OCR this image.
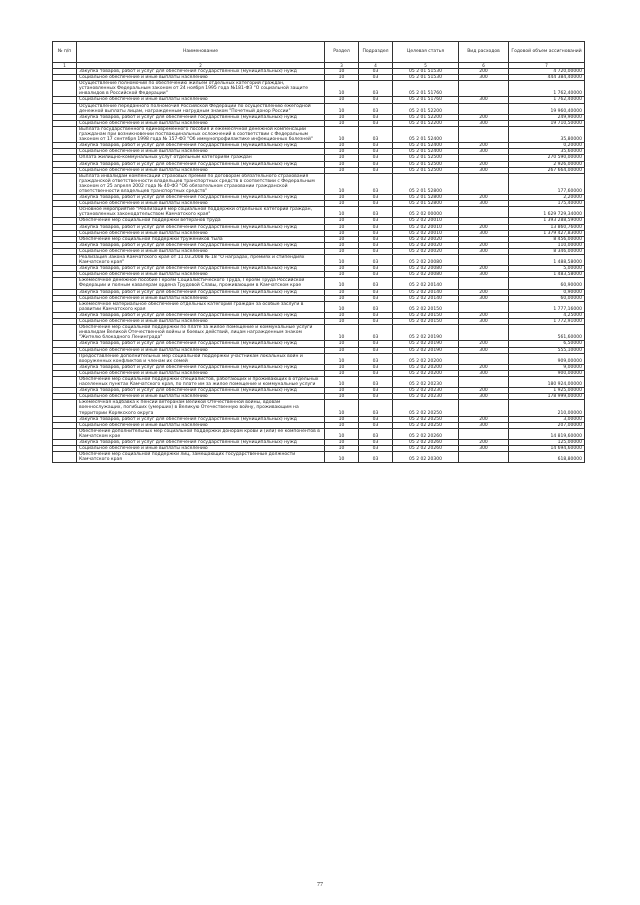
№ п/п	Наименование	Раздел	Подраздел	Целевая статья	Вид расходов	Годовой объем ассигнований
1	2	3	4	5	6	7
	Закупка товаров, работ и услуг для обеспечения государственных (муниципальных) нужд	10	03	05 2 01 51530	200	4 720,00000
	Социальное обеспечение и иные выплаты населению	10	03	05 2 01 51530	300	444 384,40000
	Осуществление полномочий по обеспечению жильем отдельных категорий граждан, установленных Федеральным законом от 24 ноября 1995 года №181-ФЗ "О социальной защите инвалидов в Российской Федерации"	10	03	05 2 01 51760		1 762,40000
	Социальное обеспечение и иные выплаты населению	10	03	05 2 01 51760	300	1 762,40000
	Осуществление переданного полномочия Российской Федерации по осуществлению ежегодной денежной выплаты лицам, награжденным нагрудным знаком "Почетный донор России"	10	03	05 2 01 52200		19 960,40000
	Закупка товаров, работ и услуг для обеспечения государственных (муниципальных) нужд	10	03	05 2 01 52200	200	249,90000
	Социальное обеспечение и иные выплаты населению	10	03	05 2 01 52200	300	19 710,50000
	Выплата государственного единовременного пособия и ежемесячной денежной компенсации гражданам при возникновении поствакцинальных осложнений в соответствии с Федеральным законом от 17 сентября 1998 года № 157-ФЗ "Об иммунопрофилактике инфекционных болезней"	10	03	05 2 01 52400		35,80000
	Закупка товаров, работ и услуг для обеспечения государственных (муниципальных) нужд	10	03	05 2 01 52400	200	0,20000
	Социальное обеспечение и иные выплаты населению	10	03	05 2 01 52400	300	35,60000
	Оплата жилищно-коммунальных услуг отдельным категориям граждан	10	03	05 2 01 52500		270 590,00000
	Закупка товаров, работ и услуг для обеспечения государственных (муниципальных) нужд	10	03	05 2 01 52500	200	2 926,00000
	Социальное обеспечение и иные выплаты населению	10	03	05 2 01 52500	300	267 664,00000
	Выплата инвалидам компенсаций страховых премий по договорам обязательного страхования гражданской ответственности владельцев транспортных средств в соответствии с Федеральным законом от 25 апреля 2002 года № 40-ФЗ "Об обязательном страховании гражданской ответственности владельцев транспортных средств"	10	03	05 2 01 52800		177,60000
	Закупка товаров, работ и услуг для обеспечения государственных (муниципальных) нужд	10	03	05 2 01 52800	200	2,20000
	Социальное обеспечение и иные выплаты населению	10	03	05 2 01 52800	300	175,40000
	Основное мероприятие "Реализация мер социальной поддержки отдельных категорий граждан, установленных законодательством Камчатского края"	10	03	05 2 02 00000		1 629 729,34000
	Обеспечение мер социальной поддержки ветеранов труда	10	03	05 2 02 20010		1 393 288,59000
	Закупка товаров, работ и услуг для обеспечения государственных (муниципальных) нужд	10	03	05 2 02 20010	200	13 860,76000
	Социальное обеспечение и иные выплаты населению	10	03	05 2 02 20010	300	1 379 427,83000
	Обеспечение мер социальной поддержки тружеников тыла	10	03	05 2 02 20020		8 456,00000
	Закупка товаров, работ и услуг для обеспечения государственных (муниципальных) нужд	10	03	05 2 02 20020	200	110,00000
	Социальное обеспечение и иные выплаты населению	10	03	05 2 02 20020	300	8 346,00000
	Реализация Закона Камчатского края от 11.03.2008 № 18 "О наградах, премиях и стипендиях Камчатского края"	10	03	05 2 02 20080		1 488,58000
	Закупка товаров, работ и услуг для обеспечения государственных (муниципальных) нужд	10	03	05 2 02 20080	200	5,00000
	Социальное обеспечение и иные выплаты населению	10	03	05 2 02 20080	300	1 483,58000
	Ежемесячное денежное пособие Героям Социалистического Труда, Героям Труда Российской Федерации и полным кавалерам ордена Трудовой Славы, проживающим в Камчатском крае	10	03	05 2 02 20140		60,90000
	Закупка товаров, работ и услуг для обеспечения государственных (муниципальных) нужд	10	03	05 2 02 20140	200	0,90000
	Социальное обеспечение и иные выплаты населению	10	03	05 2 02 20140	300	60,00000
	Ежемесячное материальное обеспечение отдельных категорий граждан за особые заслуги в развитии Камчатского края	10	03	05 2 02 20150		1 777,16000
	Закупка товаров, работ и услуг для обеспечения государственных (муниципальных) нужд	10	03	05 2 02 20150	200	4,25000
	Социальное обеспечение и иные выплаты населению	10	03	05 2 02 20150	300	1 772,91000
	Обеспечение мер социальной поддержки по плате за жилое помещение и коммунальные услуги инвалидам Великой Отечественной войны и боевых действий, лицам награжденным знаком "Жителю блокадного Ленинграда"	10	03	05 2 02 20190		561,60000
	Закупка товаров, работ и услуг для обеспечения государственных (муниципальных) нужд	10	03	05 2 02 20190	200	6,50000
	Социальное обеспечение и иные выплаты населению	10	03	05 2 02 20190	300	555,10000
	Предоставление дополнительных мер социальной поддержки участникам локальных войн и вооруженных конфликтов и членам их семей	10	03	05 2 02 20200		909,00000
	Закупка товаров, работ и услуг для обеспечения государственных (муниципальных) нужд	10	03	05 2 02 20200	200	9,00000
	Социальное обеспечение и иные выплаты населению	10	03	05 2 02 20200	300	900,00000
	Обеспечение мер социальной поддержки специалистов, работающих и проживающих в отдельных населенных пунктах Камчатского края, по плате им за жилое помещение и коммунальные услуги	10	03	05 2 02 20230		180 924,00000
	Закупка товаров, работ и услуг для обеспечения государственных (муниципальных) нужд	10	03	05 2 02 20230	200	1 925,00000
	Социальное обеспечение и иные выплаты населению	10	03	05 2 02 20230	300	178 999,00000
	Ежемесячная надбавка к пенсии ветеранам Великой Отечественной войны, вдовам военнослужащих, погибших (умерших) в Великую Отечественную войну, проживающим на территории Корякского округа	10	03	05 2 02 20250		210,00000
	Закупка товаров, работ и услуг для обеспечения государственных (муниципальных) нужд	10	03	05 2 02 20250	200	3,00000
	Социальное обеспечение и иные выплаты населению	10	03	05 2 02 20250	300	207,00000
	Обеспечение дополнительных мер социальной поддержки донорам крови и (или) ее компонентов в Камчатском крае	10	03	05 2 02 20260		14 819,60000
	Закупка товаров, работ и услуг для обеспечения государственных (муниципальных) нужд	10	03	05 2 02 20260	200	125,00000
	Социальное обеспечение и иные выплаты населению	10	03	05 2 02 20260	300	14 694,60000
	Обеспечение мер социальной поддержки лиц, замещающих государственные должности Камчатского края	10	03	05 2 02 20300		618,80000
77
